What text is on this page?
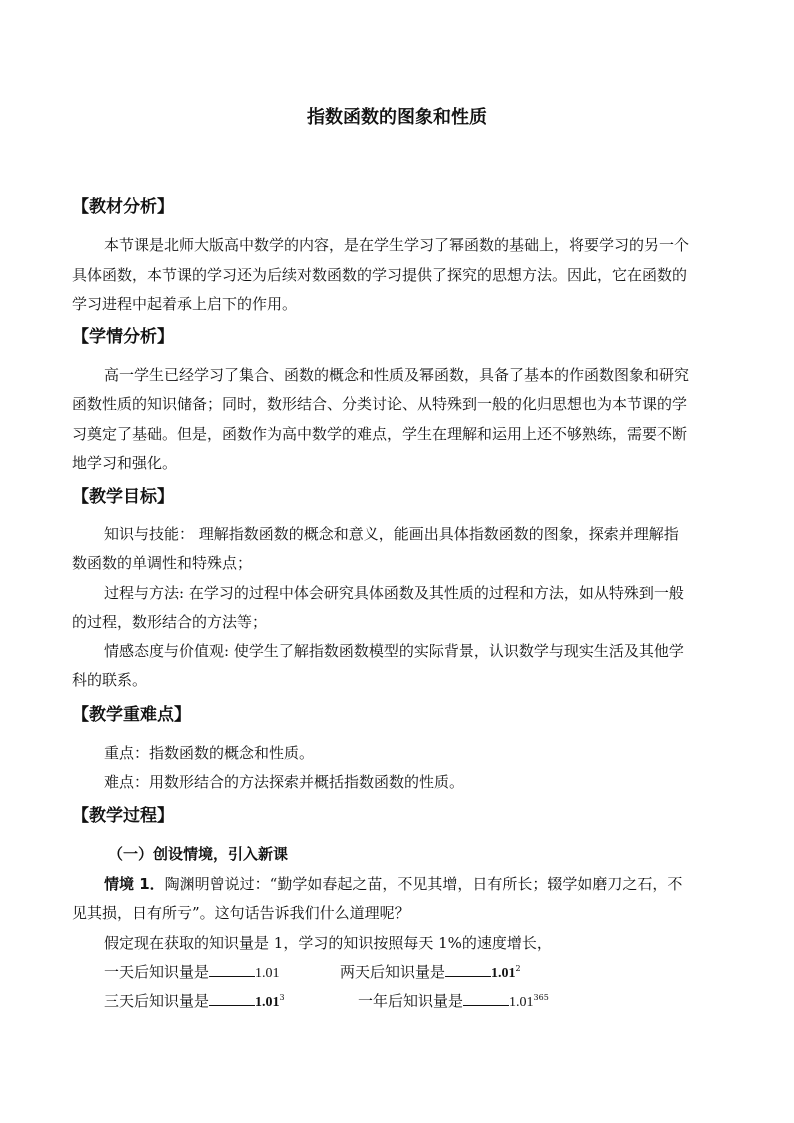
指数函数的图象和性质
【教材分析】
本节课是北师大版高中数学的内容，是在学生学习了幂函数的基础上，将要学习的另一个
具体函数，本节课的学习还为后续对数函数的学习提供了探究的思想方法。因此，它在函数的
学习进程中起着承上启下的作用。
【学情分析】
高一学生已经学习了集合、函数的概念和性质及幂函数，具备了基本的作函数图象和研究
函数性质的知识储备；同时，数形结合、分类讨论、从特殊到一般的化归思想也为本节课的学
习奠定了基础。但是，函数作为高中数学的难点，学生在理解和运用上还不够熟练，需要不断
地学习和强化。
【教学目标】
知识与技能： 理解指数函数的概念和意义，能画出具体指数函数的图象，探索并理解指
数函数的单调性和特殊点；
过程与方法: 在学习的过程中体会研究具体函数及其性质的过程和方法，如从特殊到一般
的过程，数形结合的方法等；
情感态度与价值观: 使学生了解指数函数模型的实际背景，认识数学与现实生活及其他学
科的联系。
【教学重难点】
重点：指数函数的概念和性质。
难点：用数形结合的方法探索并概括指数函数的性质。
【教学过程】
（一）创设情境，引入新课
情境 1．陶渊明曾说过：“勤学如春起之苗，不见其增，日有所长；辍学如磨刀之石，不
见其损，日有所亏”。这句话告诉我们什么道理呢？
假定现在获取的知识量是 1，学习的知识按照每天 1%的速度增长，
一天后知识量是	1.01	两天后知识量是	1.01$^2$
三天后知识量是	1.01$^3$	一年后知识量是	1.01$^{365}$
